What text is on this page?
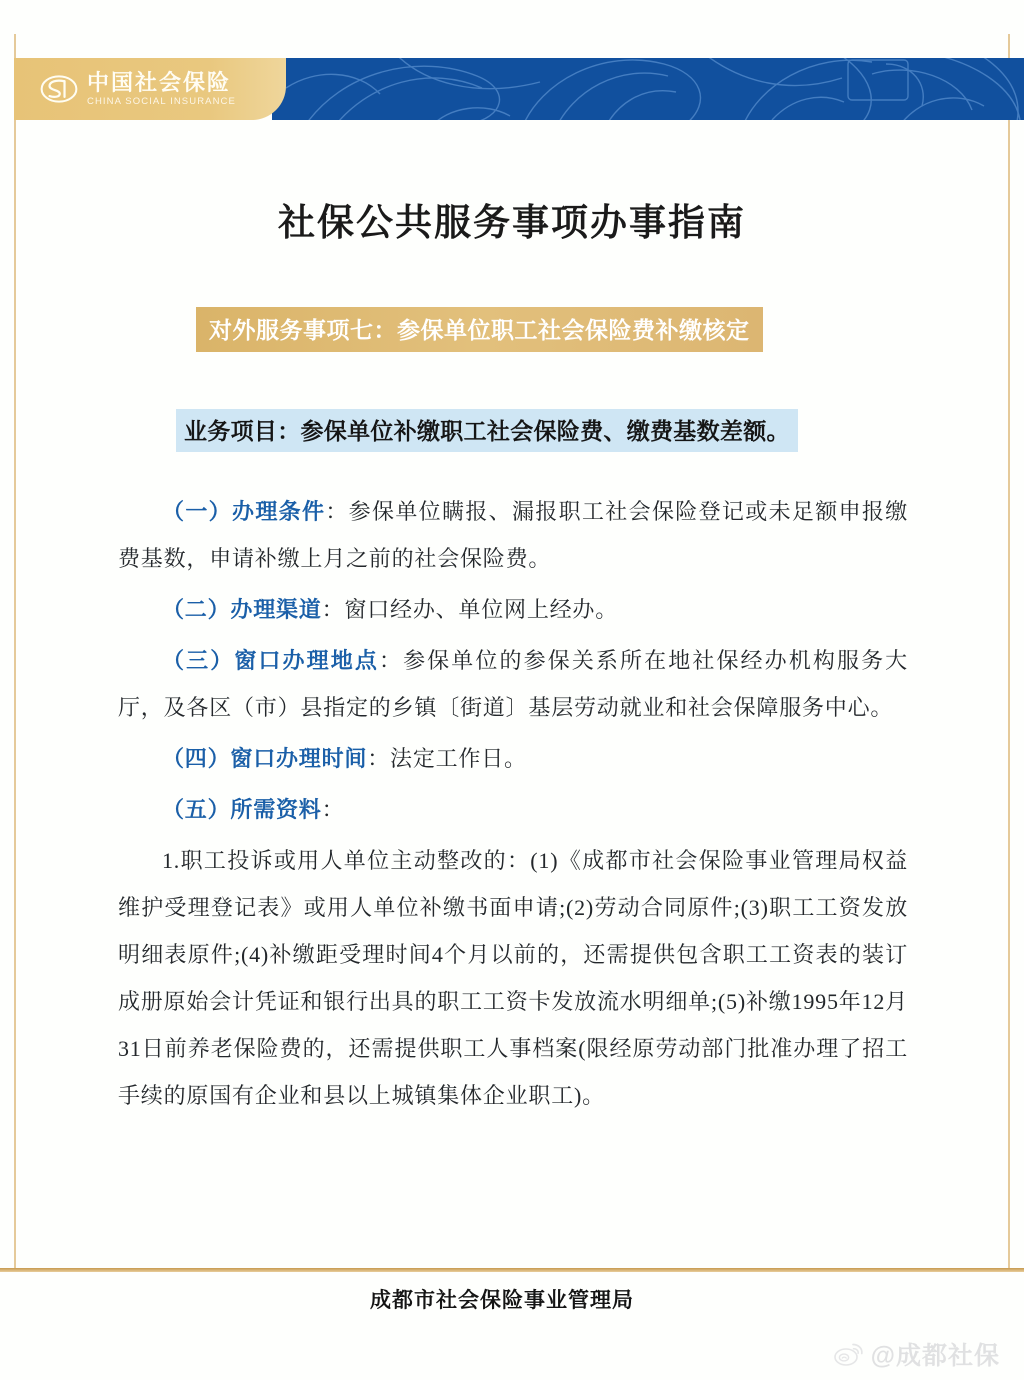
中国社会保险
CHINA SOCIAL INSURANCE
社保公共服务事项办事指南
对外服务事项七：参保单位职工社会保险费补缴核定
业务项目：参保单位补缴职工社会保险费、缴费基数差额。

（一）办理条件：参保单位瞒报、漏报职工社会保险登记或未足额申报缴费基数，申请补缴上月之前的社会保险费。

（二）办理渠道：窗口经办、单位网上经办。

（三）窗口办理地点：参保单位的参保关系所在地社保经办机构服务大厅，及各区（市）县指定的乡镇〔街道〕基层劳动就业和社会保障服务中心。

（四）窗口办理时间：法定工作日。

（五）所需资料：

1.职工投诉或用人单位主动整改的：(1)《成都市社会保险事业管理局权益维护受理登记表》或用人单位补缴书面申请;(2)劳动合同原件;(3)职工工资发放明细表原件;(4)补缴距受理时间4个月以前的，还需提供包含职工工资表的装订成册原始会计凭证和银行出具的职工工资卡发放流水明细单;(5)补缴1995年12月31日前养老保险费的，还需提供职工人事档案(限经原劳动部门批准办理了招工手续的原国有企业和县以上城镇集体企业职工)。

成都市社会保险事业管理局
@成都社保
